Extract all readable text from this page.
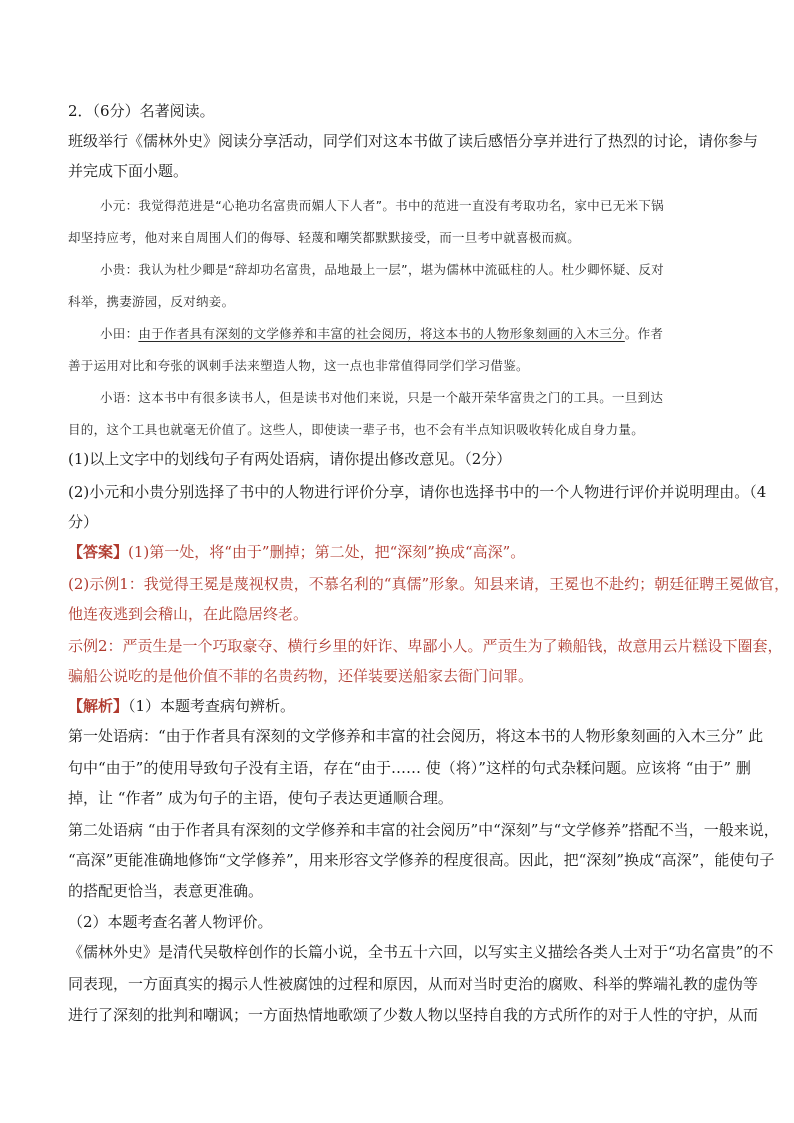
2．（6分）名著阅读。
班级举行《儒林外史》阅读分享活动，同学们对这本书做了读后感悟分享并进行了热烈的讨论，请你参与
并完成下面小题。
小元：我觉得范进是“心艳功名富贵而媚人下人者”。书中的范进一直没有考取功名，家中已无米下锅
却坚持应考，他对来自周围人们的侮辱、轻蔑和嘲笑都默默接受，而一旦考中就喜极而疯。
小贵：我认为杜少卿是“辞却功名富贵，品地最上一层”，堪为儒林中流砥柱的人。杜少卿怀疑、反对
科举，携妻游园，反对纳妾。
小田：由于作者具有深刻的文学修养和丰富的社会阅历，将这本书的人物形象刻画的入木三分。作者
善于运用对比和夸张的讽刺手法来塑造人物，这一点也非常值得同学们学习借鉴。
小语：这本书中有很多读书人，但是读书对他们来说，只是一个敲开荣华富贵之门的工具。一旦到达
目的，这个工具也就毫无价值了。这些人，即使读一辈子书，也不会有半点知识吸收转化成自身力量。
(1)以上文字中的划线句子有两处语病，请你提出修改意见。（2分）
(2)小元和小贵分别选择了书中的人物进行评价分享，请你也选择书中的一个人物进行评价并说明理由。（4
分）
【答案】(1)第一处，将“由于”删掉；第二处，把“深刻”换成“高深”。
(2)示例1：我觉得王冕是蔑视权贵，不慕名利的“真儒”形象。知县来请，王冕也不赴约；朝廷征聘王冕做官，
他连夜逃到会稽山，在此隐居终老。
示例2：严贡生是一个巧取豪夺、横行乡里的奸诈、卑鄙小人。严贡生为了赖船钱，故意用云片糕设下圈套，
骗船公说吃的是他价值不菲的名贵药物，还佯装要送船家去衙门问罪。
【解析】（1）本题考查病句辨析。
第一处语病：“由于作者具有深刻的文学修养和丰富的社会阅历，将这本书的人物形象刻画的入木三分” 此
句中“由于”的使用导致句子没有主语，存在“由于…… 使（将）”这样的句式杂糅问题。应该将 “由于” 删
掉，让 “作者” 成为句子的主语，使句子表达更通顺合理。
第二处语病 “由于作者具有深刻的文学修养和丰富的社会阅历”中“深刻”与“文学修养”搭配不当，一般来说，
“高深”更能准确地修饰“文学修养”，用来形容文学修养的程度很高。因此，把“深刻”换成“高深”，能使句子
的搭配更恰当，表意更准确。
（2）本题考查名著人物评价。
《儒林外史》是清代吴敬梓创作的长篇小说，全书五十六回，以写实主义描绘各类人士对于“功名富贵”的不
同表现，一方面真实的揭示人性被腐蚀的过程和原因，从而对当时吏治的腐败、科举的弊端礼教的虚伪等
进行了深刻的批判和嘲讽；一方面热情地歌颂了少数人物以坚持自我的方式所作的对于人性的守护，从而
